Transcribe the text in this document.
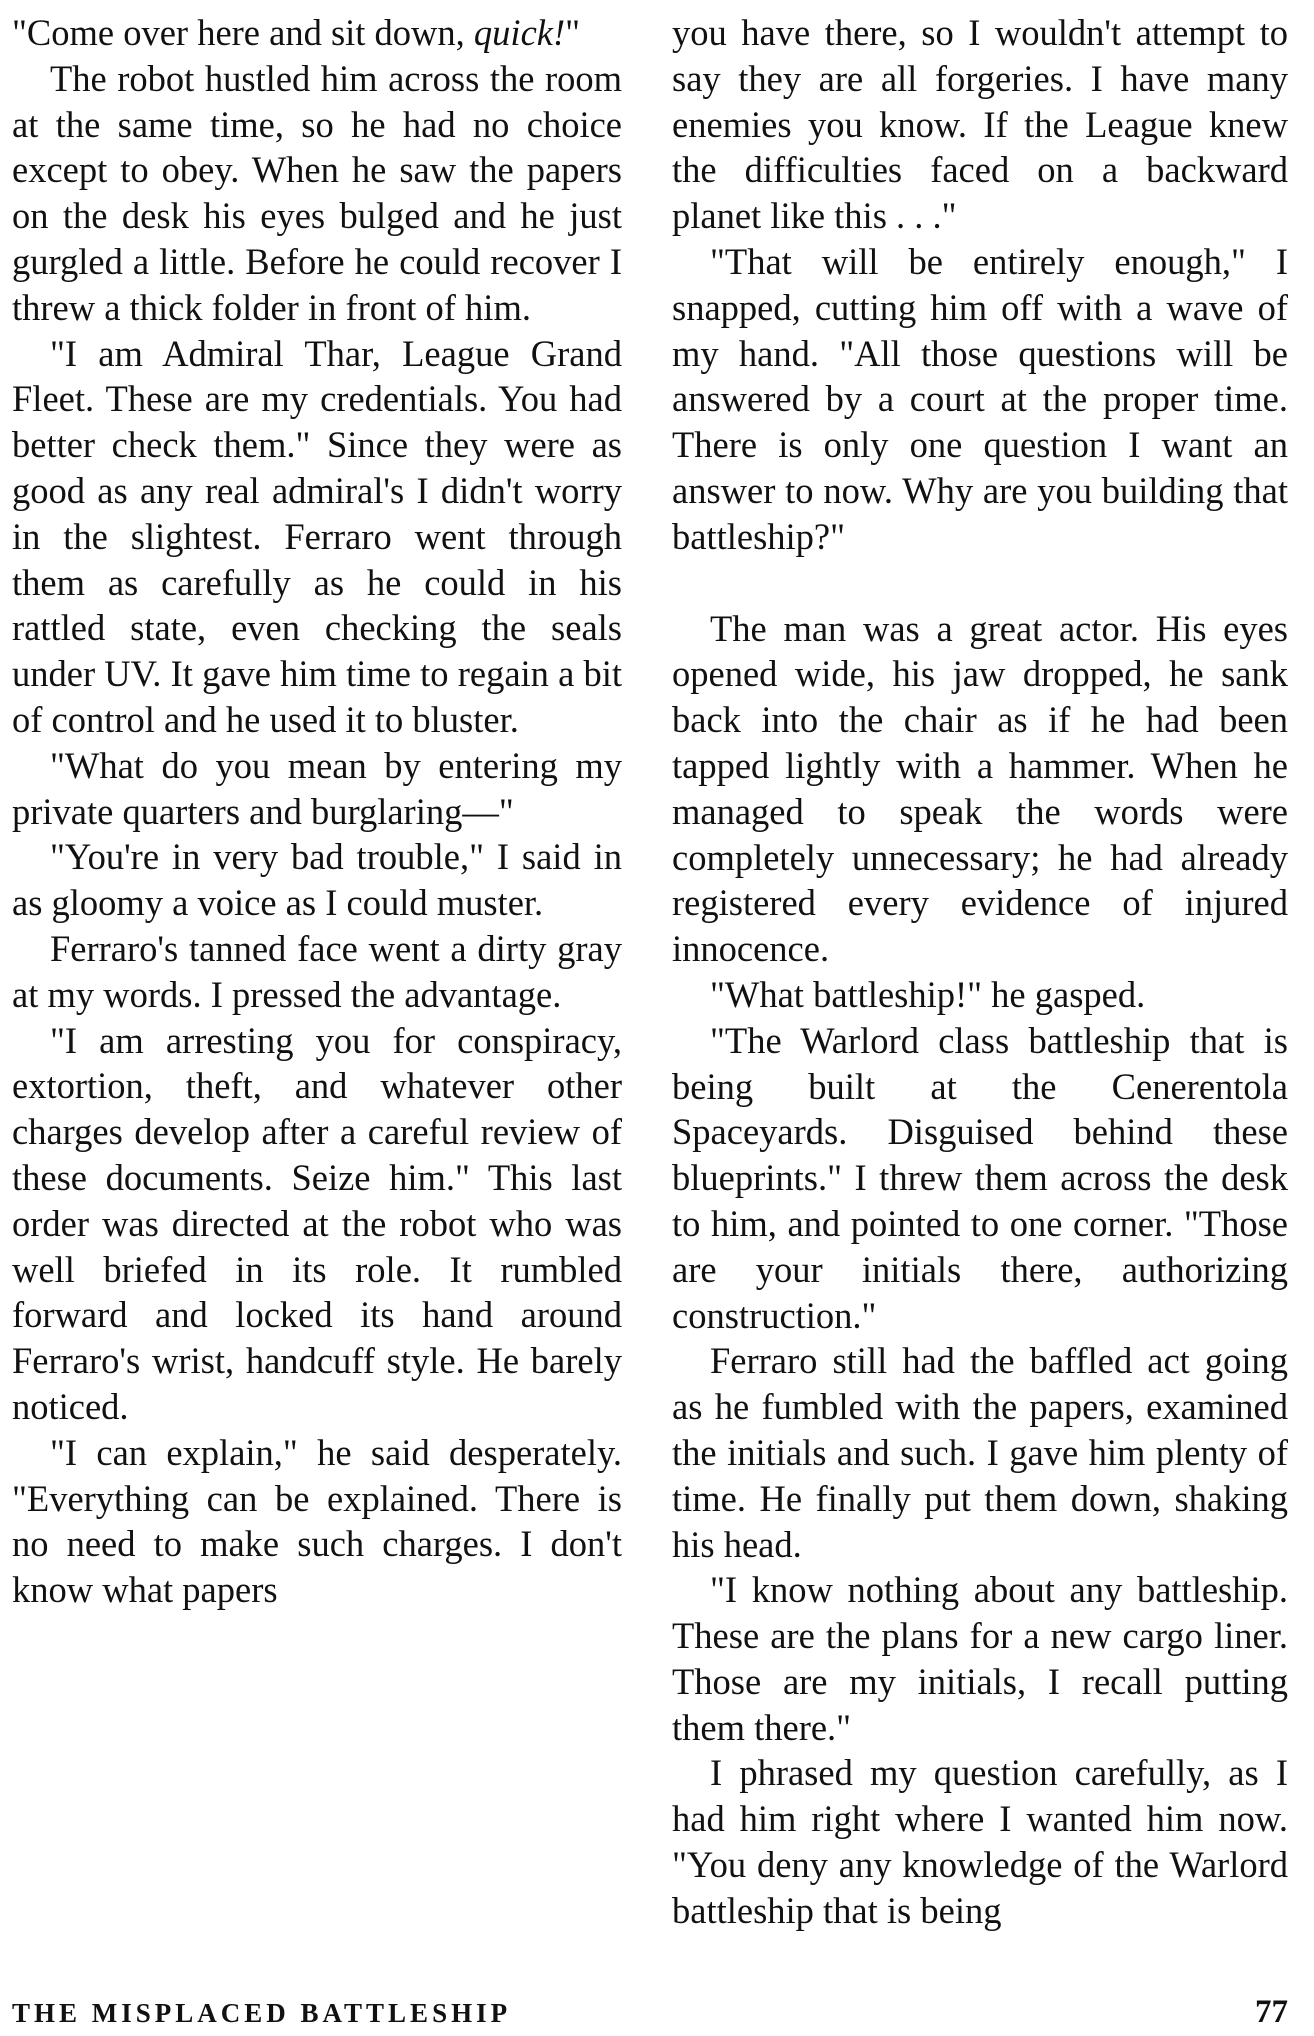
"Come over here and sit down, quick!"

The robot hustled him across the room at the same time, so he had no choice except to obey. When he saw the papers on the desk his eyes bulged and he just gurgled a little. Before he could recover I threw a thick folder in front of him.

"I am Admiral Thar, League Grand Fleet. These are my credentials. You had better check them." Since they were as good as any real admiral's I didn't worry in the slightest. Ferraro went through them as carefully as he could in his rattled state, even checking the seals under UV. It gave him time to regain a bit of control and he used it to bluster.

"What do you mean by entering my private quarters and burglaring—"

"You're in very bad trouble," I said in as gloomy a voice as I could muster.

Ferraro's tanned face went a dirty gray at my words. I pressed the advantage.

"I am arresting you for conspiracy, extortion, theft, and whatever other charges develop after a careful review of these documents. Seize him." This last order was directed at the robot who was well briefed in its role. It rumbled forward and locked its hand around Ferraro's wrist, handcuff style. He barely noticed.

"I can explain," he said desperately. "Everything can be explained. There is no need to make such charges. I don't know what papers

you have there, so I wouldn't attempt to say they are all forgeries. I have many enemies you know. If the League knew the difficulties faced on a backward planet like this . . ."

"That will be entirely enough," I snapped, cutting him off with a wave of my hand. "All those questions will be answered by a court at the proper time. There is only one question I want an answer to now. Why are you building that battleship?"

The man was a great actor. His eyes opened wide, his jaw dropped, he sank back into the chair as if he had been tapped lightly with a hammer. When he managed to speak the words were completely unnecessary; he had already registered every evidence of injured innocence.

"What battleship!" he gasped.

"The Warlord class battleship that is being built at the Cenerentola Spaceyards. Disguised behind these blueprints." I threw them across the desk to him, and pointed to one corner. "Those are your initials there, authorizing construction."

Ferraro still had the baffled act going as he fumbled with the papers, examined the initials and such. I gave him plenty of time. He finally put them down, shaking his head.

"I know nothing about any battleship. These are the plans for a new cargo liner. Those are my initials, I recall putting them there."

I phrased my question carefully, as I had him right where I wanted him now. "You deny any knowledge of the Warlord battleship that is being

THE MISPLACED BATTLESHIP	77
